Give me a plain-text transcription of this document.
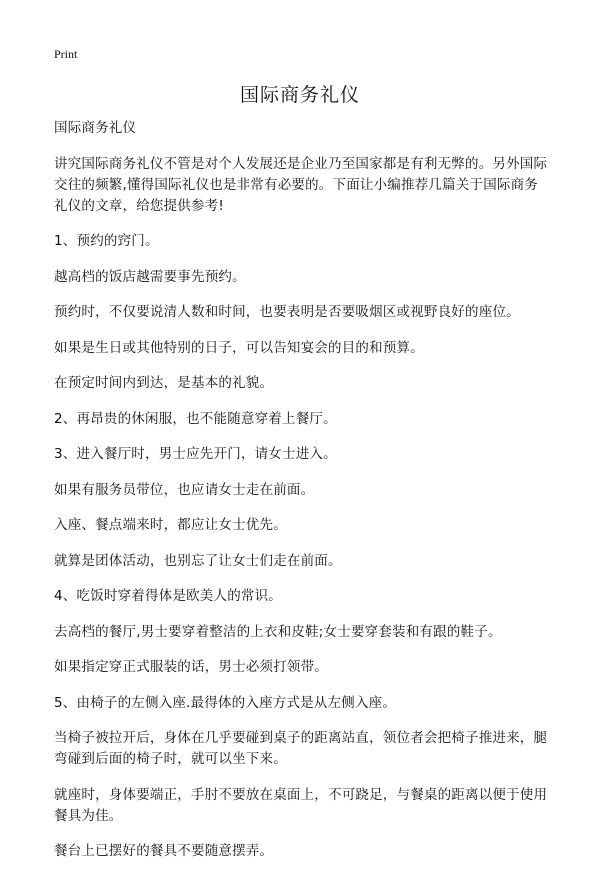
Print
国际商务礼仪

国际商务礼仪

讲究国际商务礼仪不管是对个人发展还是企业乃至国家都是有利无弊的。另外国际交往的频繁,懂得国际礼仪也是非常有必要的。下面让小编推荐几篇关于国际商务礼仪的文章，给您提供参考!

1、预约的窍门。

越高档的饭店越需要事先预约。

预约时，不仅要说清人数和时间，也要表明是否要吸烟区或视野良好的座位。

如果是生日或其他特别的日子，可以告知宴会的目的和预算。

在预定时间内到达，是基本的礼貌。

2、再昂贵的休闲服，也不能随意穿着上餐厅。

3、进入餐厅时，男士应先开门，请女士进入。

如果有服务员带位，也应请女士走在前面。

入座、餐点端来时，都应让女士优先。

就算是团体活动，也别忘了让女士们走在前面。

4、吃饭时穿着得体是欧美人的常识。

去高档的餐厅,男士要穿着整洁的上衣和皮鞋;女士要穿套装和有跟的鞋子。

如果指定穿正式服装的话，男士必须打领带。

5、由椅子的左侧入座.最得体的入座方式是从左侧入座。

当椅子被拉开后，身体在几乎要碰到桌子的距离站直，领位者会把椅子推进来，腿弯碰到后面的椅子时，就可以坐下来。

就座时，身体要端正，手肘不要放在桌面上，不可跷足，与餐桌的距离以便于使用餐具为佳。

餐台上已摆好的餐具不要随意摆弄。
